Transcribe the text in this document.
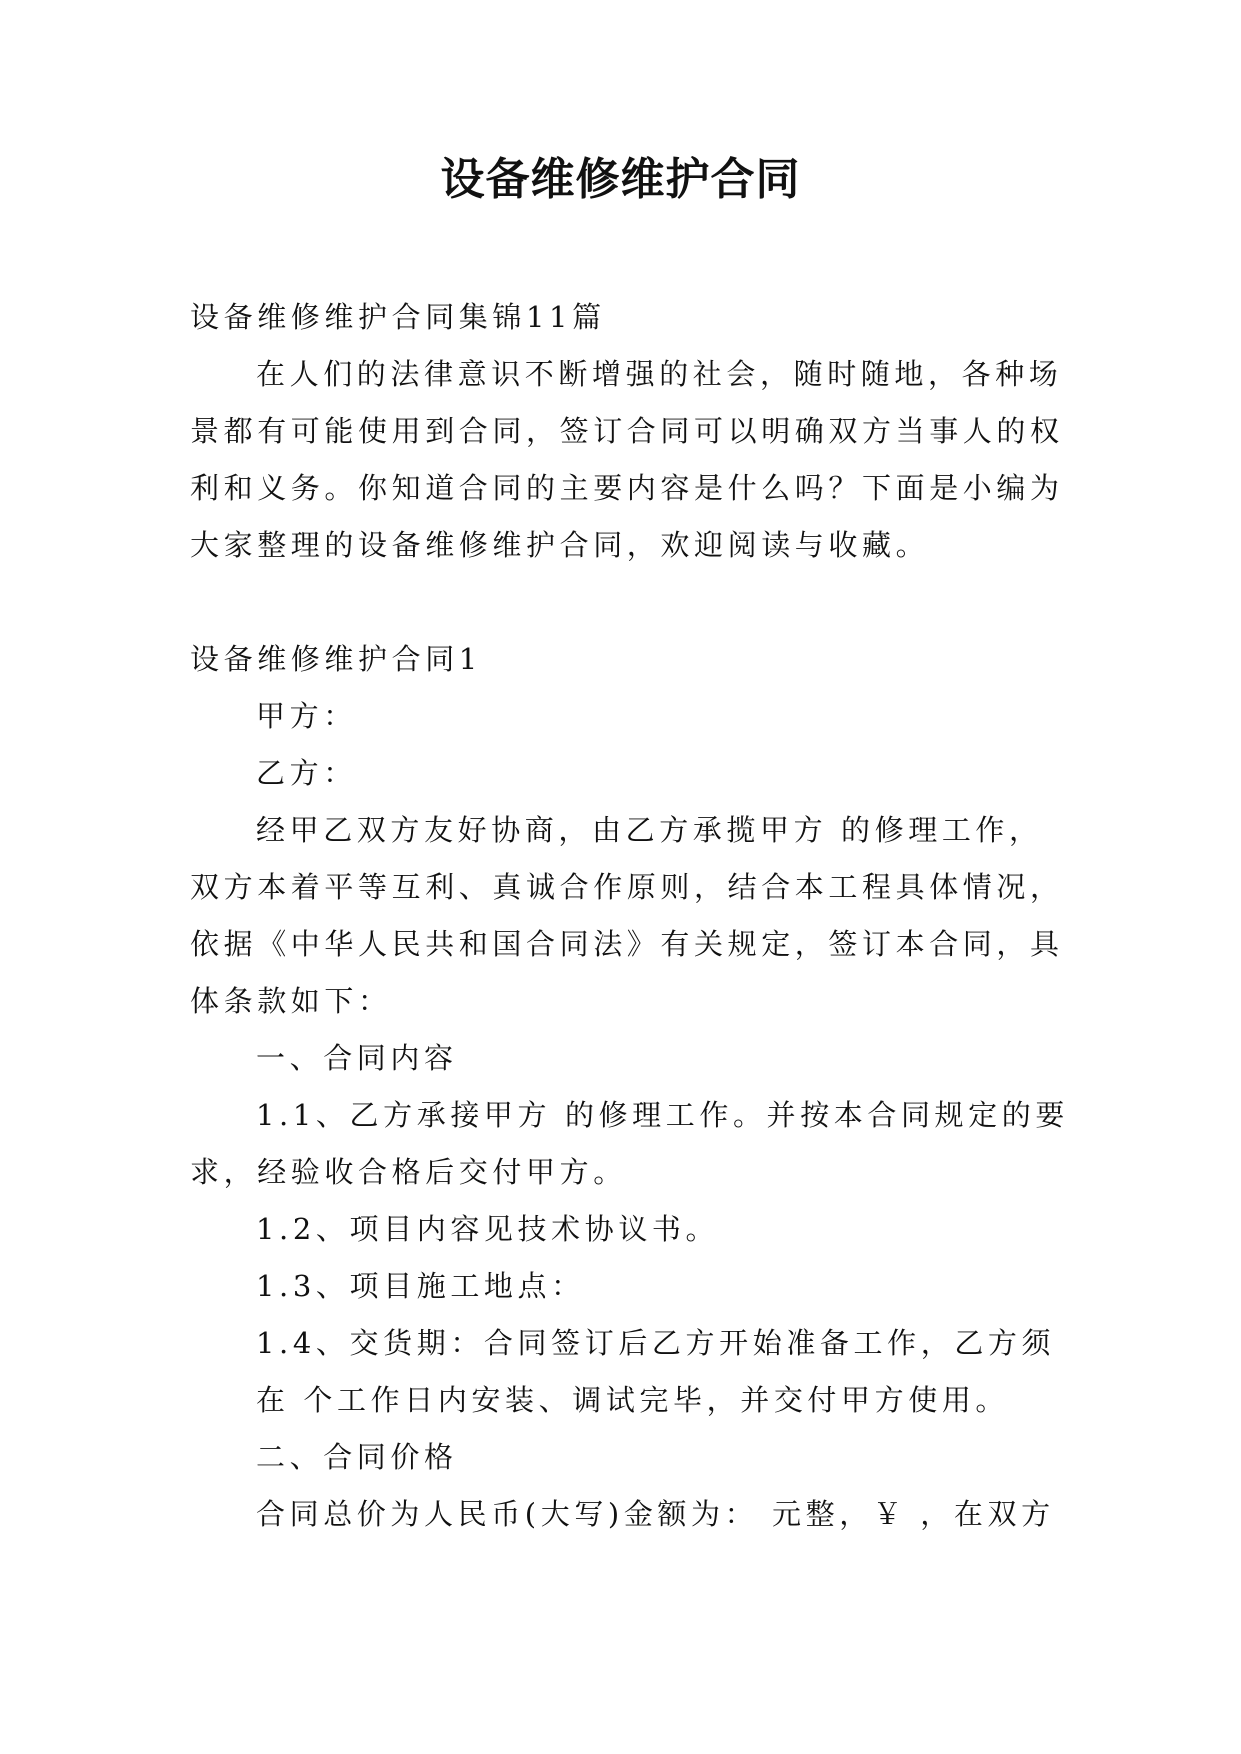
设备维修维护合同
设备维修维护合同集锦11篇
在人们的法律意识不断增强的社会，随时随地，各种场
景都有可能使用到合同，签订合同可以明确双方当事人的权
利和义务。你知道合同的主要内容是什么吗？下面是小编为
大家整理的设备维修维护合同，欢迎阅读与收藏。
设备维修维护合同1
甲方：
乙方：
经甲乙双方友好协商，由乙方承揽甲方 的修理工作，
双方本着平等互利、真诚合作原则，结合本工程具体情况，
依据《中华人民共和国合同法》有关规定，签订本合同，具
体条款如下：
一、合同内容
1.1、乙方承接甲方 的修理工作。并按本合同规定的要
求，经验收合格后交付甲方。
1.2、项目内容见技术协议书。
1.3、项目施工地点：
1.4、交货期：合同签订后乙方开始准备工作，乙方须
在 个工作日内安装、调试完毕，并交付甲方使用。
二、合同价格
合同总价为人民币(大写)金额为： 元整，￥ ，在双方
